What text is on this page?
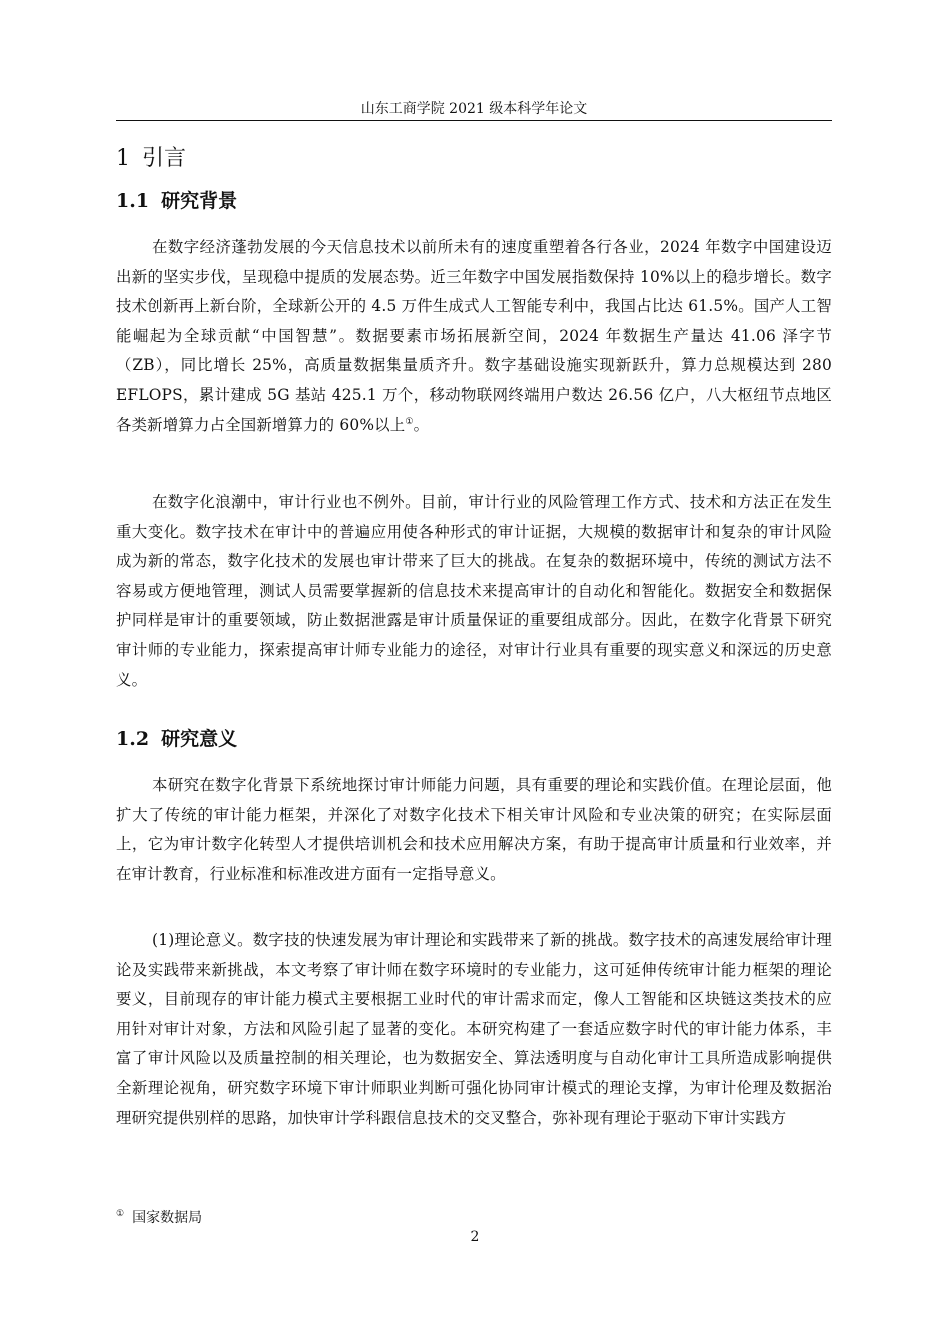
山东工商学院 2021 级本科学年论文
1 引言
1.1 研究背景

在数字经济蓬勃发展的今天信息技术以前所未有的速度重塑着各行各业，2024 年数字中国建设迈出新的坚实步伐，呈现稳中提质的发展态势。近三年数字中国发展指数保持 10%以上的稳步增长。数字技术创新再上新台阶，全球新公开的 4.5 万件生成式人工智能专利中，我国占比达 61.5%。国产人工智能崛起为全球贡献“中国智慧”。数据要素市场拓展新空间，2024 年数据生产量达 41.06 泽字节（ZB），同比增长 25%，高质量数据集量质齐升。数字基础设施实现新跃升，算力总规模达到 280 EFLOPS，累计建成 5G 基站 425.1 万个，移动物联网终端用户数达 26.56 亿户，八大枢纽节点地区各类新增算力占全国新增算力的 60%以上①。

在数字化浪潮中，审计行业也不例外。目前，审计行业的风险管理工作方式、技术和方法正在发生重大变化。数字技术在审计中的普遍应用使各种形式的审计证据，大规模的数据审计和复杂的审计风险成为新的常态，数字化技术的发展也审计带来了巨大的挑战。在复杂的数据环境中，传统的测试方法不容易或方便地管理，测试人员需要掌握新的信息技术来提高审计的自动化和智能化。数据安全和数据保护同样是审计的重要领域，防止数据泄露是审计质量保证的重要组成部分。因此，在数字化背景下研究审计师的专业能力，探索提高审计师专业能力的途径，对审计行业具有重要的现实意义和深远的历史意义。

1.2 研究意义

本研究在数字化背景下系统地探讨审计师能力问题，具有重要的理论和实践价值。在理论层面，他扩大了传统的审计能力框架，并深化了对数字化技术下相关审计风险和专业决策的研究；在实际层面上，它为审计数字化转型人才提供培训机会和技术应用解决方案，有助于提高审计质量和行业效率，并在审计教育，行业标准和标准改进方面有一定指导意义。

(1)理论意义。数字技的快速发展为审计理论和实践带来了新的挑战。数字技术的高速发展给审计理论及实践带来新挑战，本文考察了审计师在数字环境时的专业能力，这可延伸传统审计能力框架的理论要义，目前现存的审计能力模式主要根据工业时代的审计需求而定，像人工智能和区块链这类技术的应用针对审计对象，方法和风险引起了显著的变化。本研究构建了一套适应数字时代的审计能力体系，丰富了审计风险以及质量控制的相关理论，也为数据安全、算法透明度与自动化审计工具所造成影响提供全新理论视角，研究数字环境下审计师职业判断可强化协同审计模式的理论支撑，为审计伦理及数据治理研究提供别样的思路，加快审计学科跟信息技术的交叉整合，弥补现有理论于驱动下审计实践方

① 国家数据局
2
